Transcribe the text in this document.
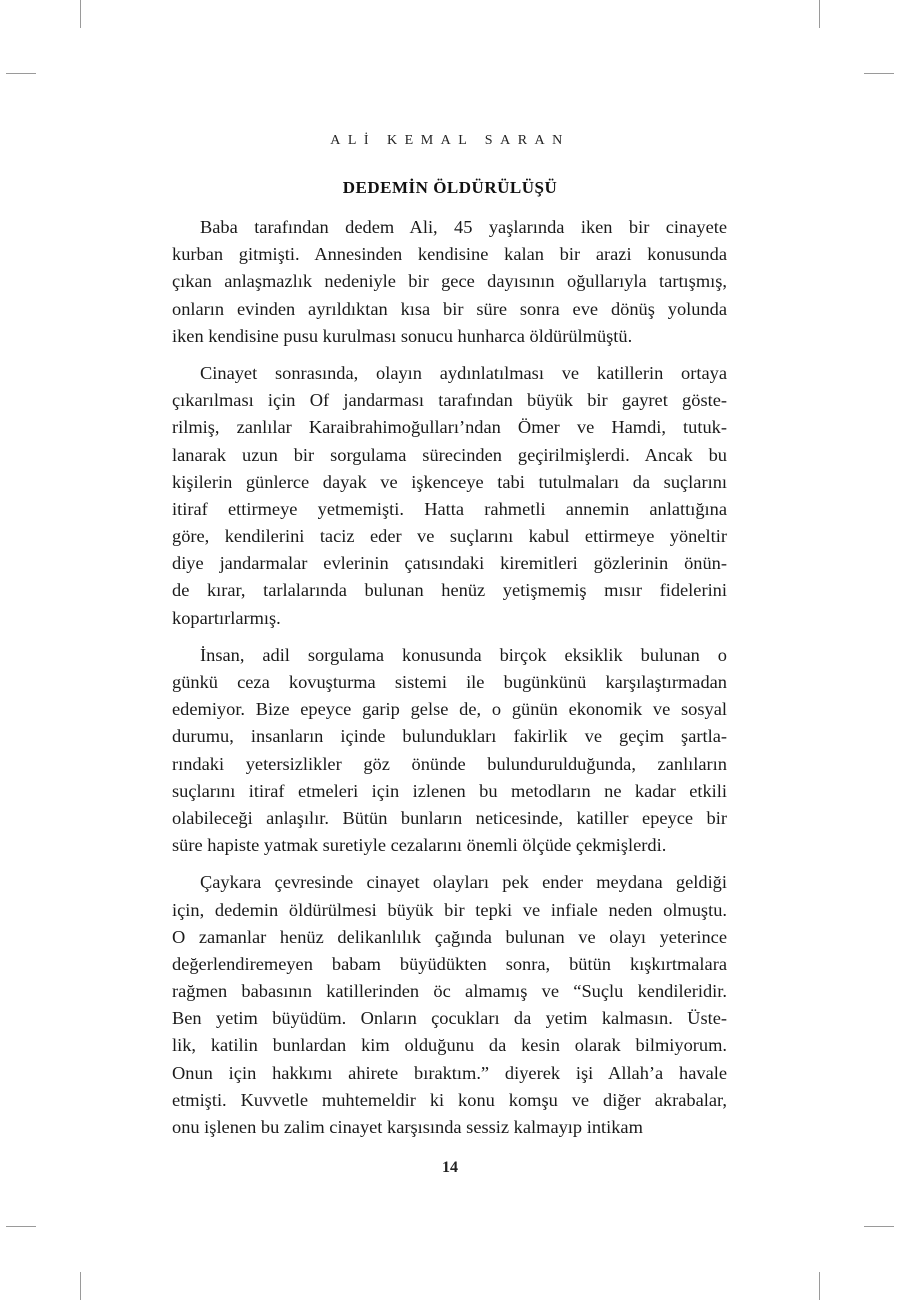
ALİ KEMAL SARAN
DEDEMİN ÖLDÜRÜLÜŞÜ
Baba tarafından dedem Ali, 45 yaşlarında iken bir cinayete
kurban gitmişti. Annesinden kendisine kalan bir arazi konusunda
çıkan anlaşmazlık nedeniyle bir gece dayısının oğullarıyla tartışmış,
onların evinden ayrıldıktan kısa bir süre sonra eve dönüş yolunda
iken kendisine pusu kurulması sonucu hunharca öldürülmüştü.
Cinayet sonrasında, olayın aydınlatılması ve katillerin ortaya
çıkarılması için Of jandarması tarafından büyük bir gayret göste-
rilmiş, zanlılar Karaibrahimoğulları’ndan Ömer ve Hamdi, tutuk-
lanarak uzun bir sorgulama sürecinden geçirilmişlerdi. Ancak bu
kişilerin günlerce dayak ve işkenceye tabi tutulmaları da suçlarını
itiraf ettirmeye yetmemişti. Hatta rahmetli annemin anlattığına
göre, kendilerini taciz eder ve suçlarını kabul ettirmeye yöneltir
diye jandarmalar evlerinin çatısındaki kiremitleri gözlerinin önün-
de kırar, tarlalarında bulunan henüz yetişmemiş mısır fidelerini
kopartırlarmış.
İnsan, adil sorgulama konusunda birçok eksiklik bulunan o
günkü ceza kovuşturma sistemi ile bugünkünü karşılaştırmadan
edemiyor. Bize epeyce garip gelse de, o günün ekonomik ve sosyal
durumu, insanların içinde bulundukları fakirlik ve geçim şartla-
rındaki yetersizlikler göz önünde bulundurulduğunda, zanlıların
suçlarını itiraf etmeleri için izlenen bu metodların ne kadar etkili
olabileceği anlaşılır. Bütün bunların neticesinde, katiller epeyce bir
süre hapiste yatmak suretiyle cezalarını önemli ölçüde çekmişlerdi.
Çaykara çevresinde cinayet olayları pek ender meydana geldiği
için, dedemin öldürülmesi büyük bir tepki ve infiale neden olmuştu.
O zamanlar henüz delikanlılık çağında bulunan ve olayı yeterince
değerlendiremeyen babam büyüdükten sonra, bütün kışkırtmalara
rağmen babasının katillerinden öc almamış ve “Suçlu kendileridir.
Ben yetim büyüdüm. Onların çocukları da yetim kalmasın. Üste-
lik, katilin bunlardan kim olduğunu da kesin olarak bilmiyorum.
Onun için hakkımı ahirete bıraktım.” diyerek işi Allah’a havale
etmişti. Kuvvetle muhtemeldir ki konu komşu ve diğer akrabalar,
onu işlenen bu zalim cinayet karşısında sessiz kalmayıp intikam
14
